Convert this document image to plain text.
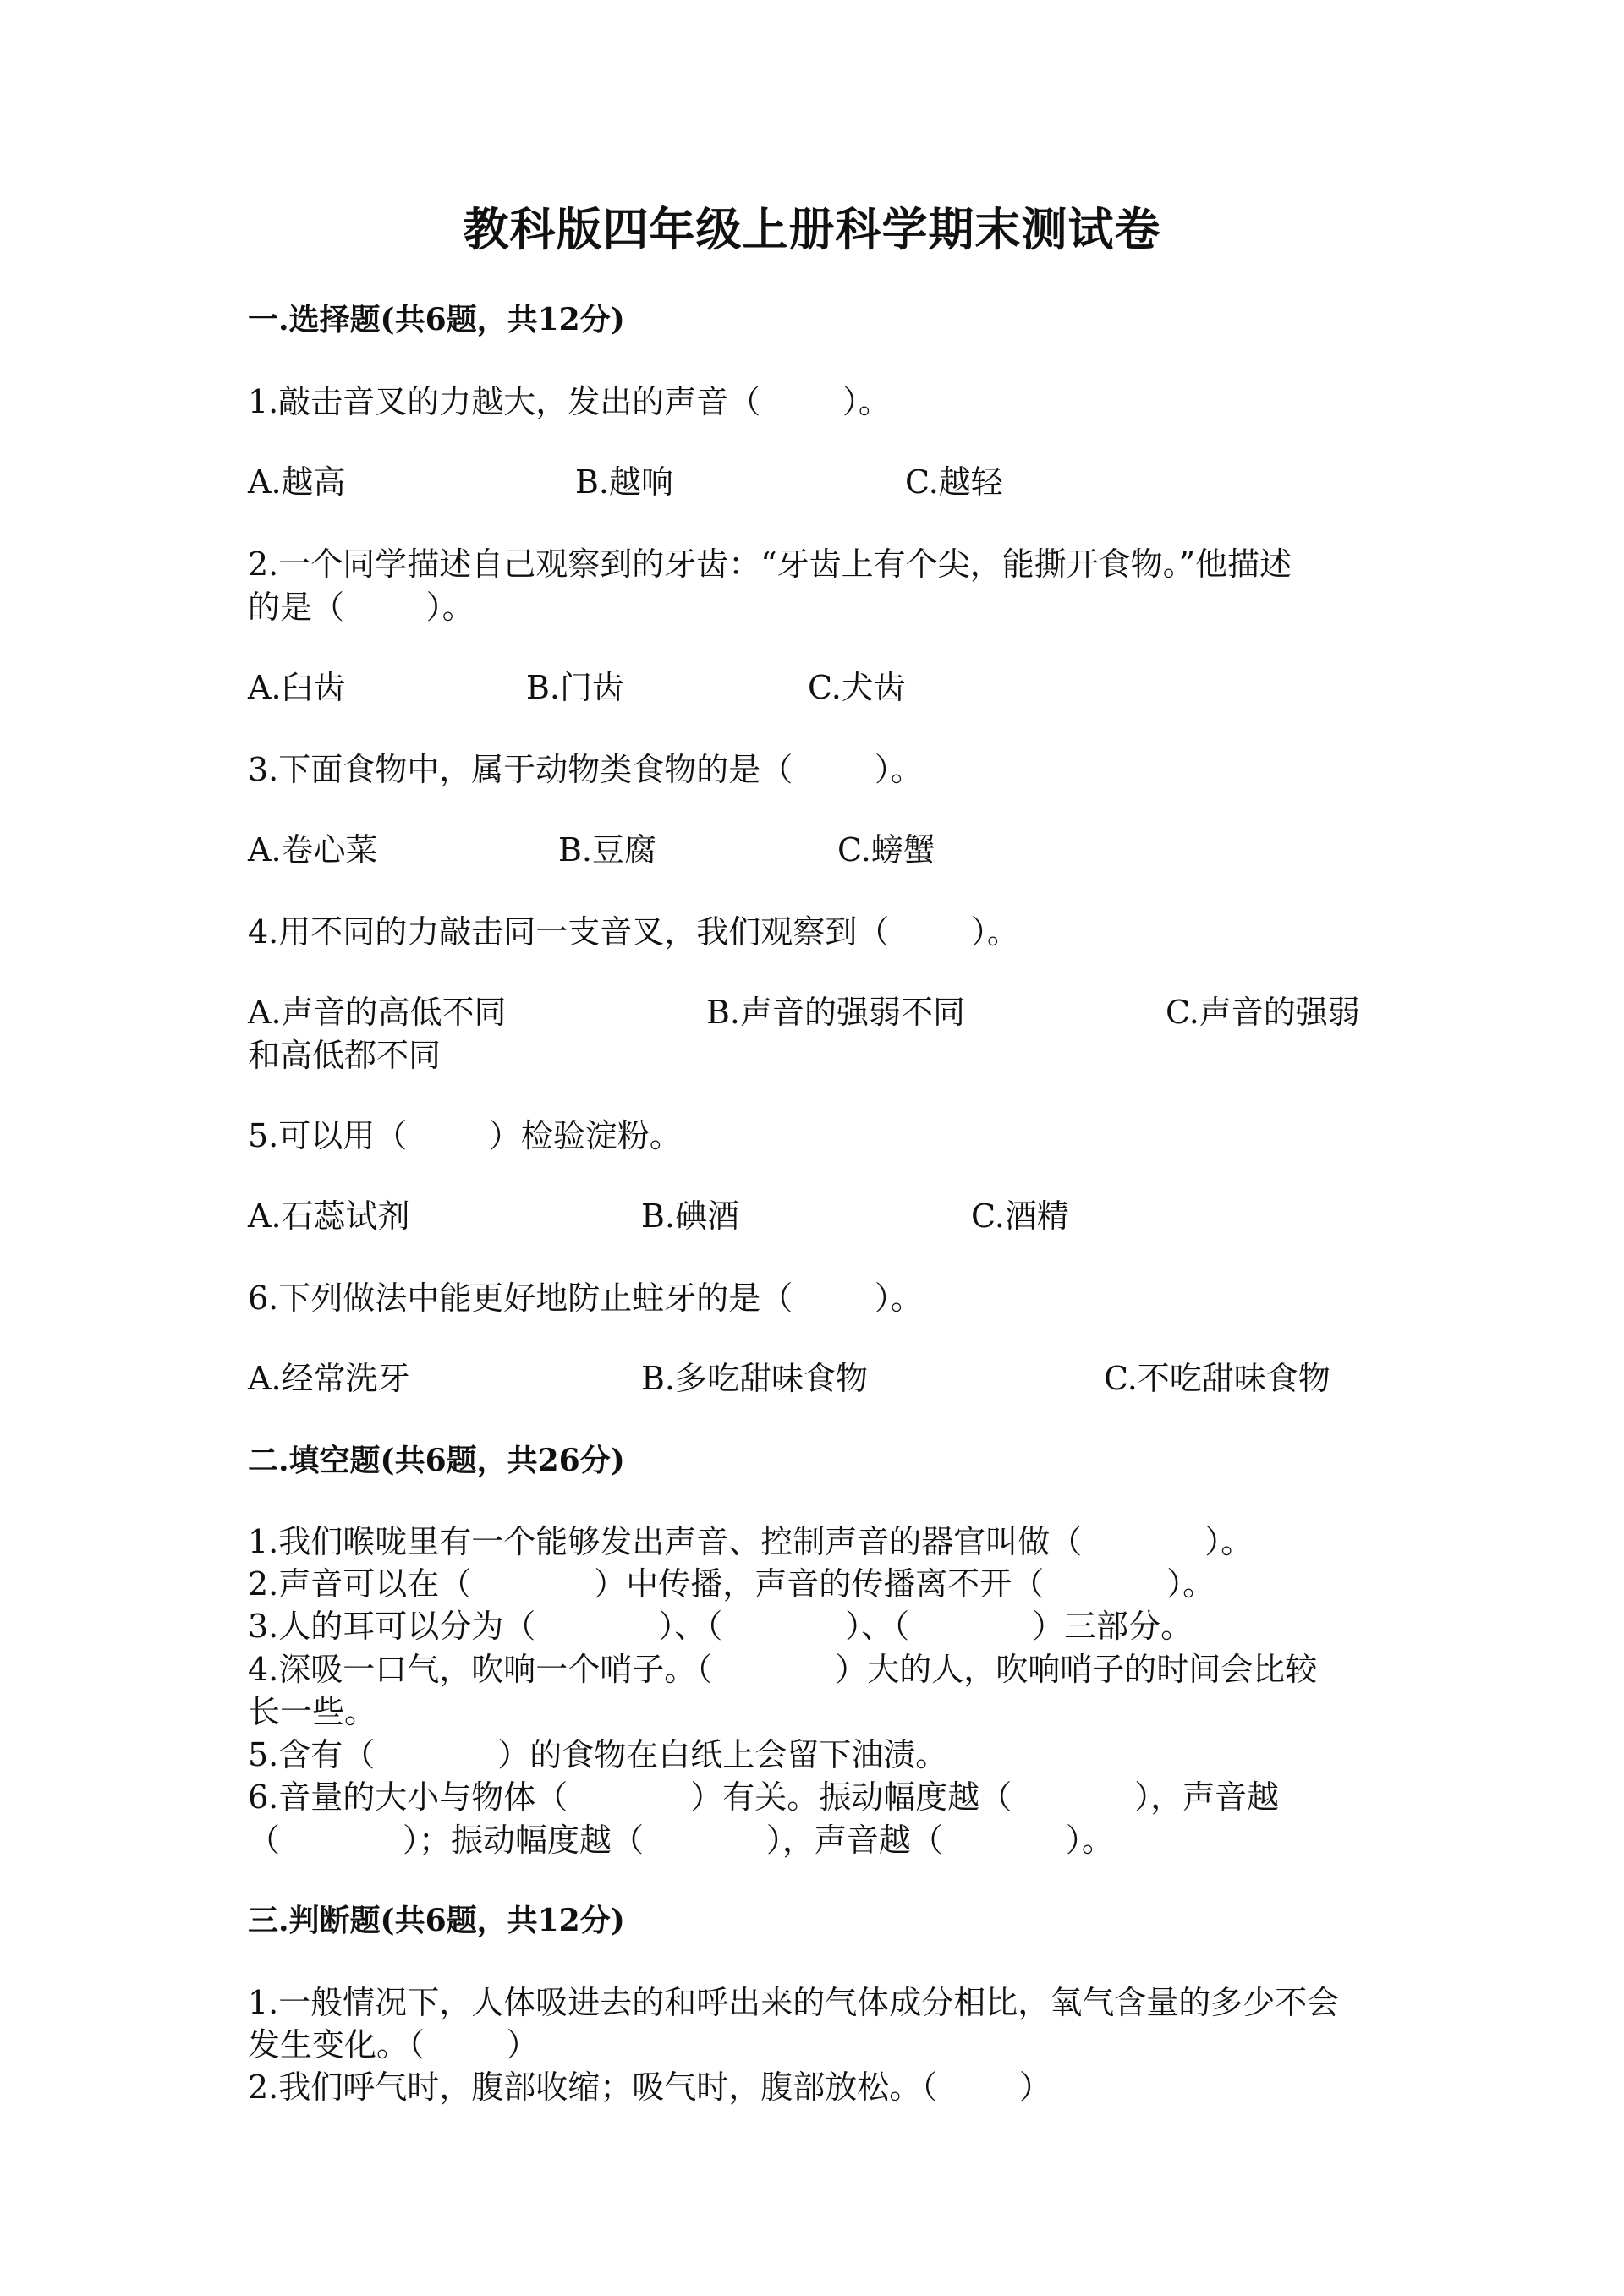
教科版四年级上册科学期末测试卷
一.选择题(共6题，共12分)
1.敲击音叉的力越大，发出的声音（        ）。
A.越高	B.越响	C.越轻
2.一个同学描述自己观察到的牙齿：“牙齿上有个尖，能撕开食物。”他描述
的是（        ）。
A.臼齿	B.门齿	C.犬齿
3.下面食物中，属于动物类食物的是（        ）。
A.卷心菜	B.豆腐	C.螃蟹
4.用不同的力敲击同一支音叉，我们观察到（        ）。
A.声音的高低不同	B.声音的强弱不同	C.声音的强弱
和高低都不同
5.可以用（        ）检验淀粉。
A.石蕊试剂	B.碘酒	C.酒精
6.下列做法中能更好地防止蛀牙的是（        ）。
A.经常洗牙	B.多吃甜味食物	C.不吃甜味食物
二.填空题(共6题，共26分)
1.我们喉咙里有一个能够发出声音、控制声音的器官叫做（            ）。
2.声音可以在（            ）中传播，声音的传播离不开（            ）。
3.人的耳可以分为（            ）、（            ）、（            ）三部分。
4.深吸一口气，吹响一个哨子。（            ）大的人，吹响哨子的时间会比较
长一些。
5.含有（            ）的食物在白纸上会留下油渍。
6.音量的大小与物体（            ）有关。振动幅度越（            ），声音越
（            ）；振动幅度越（            ），声音越（            ）。
三.判断题(共6题，共12分)
1.一般情况下，人体吸进去的和呼出来的气体成分相比，氧气含量的多少不会
发生变化。（        ）
2.我们呼气时，腹部收缩；吸气时，腹部放松。（        ）
